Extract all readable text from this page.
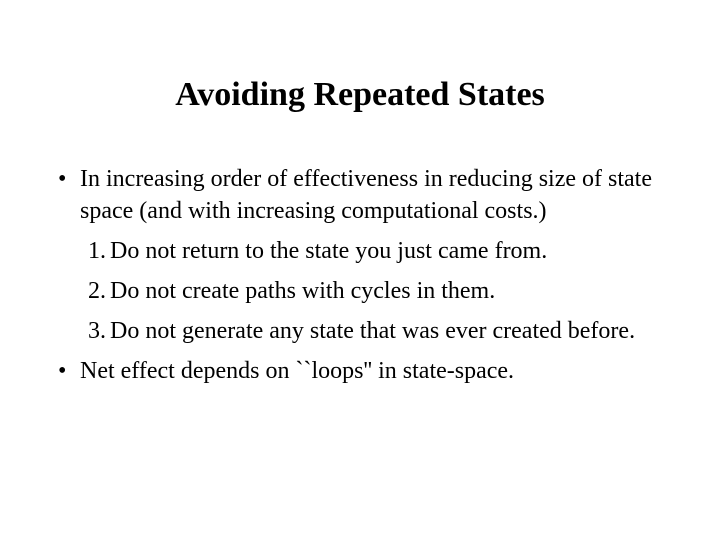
Avoiding Repeated States
• In increasing order of effectiveness in reducing size of state space (and with increasing computational costs.)
1. Do not return to the state you just came from.
2. Do not create paths with cycles in them.
3. Do not generate any state that was ever created before.
• Net effect depends on ``loops'' in state-space.
